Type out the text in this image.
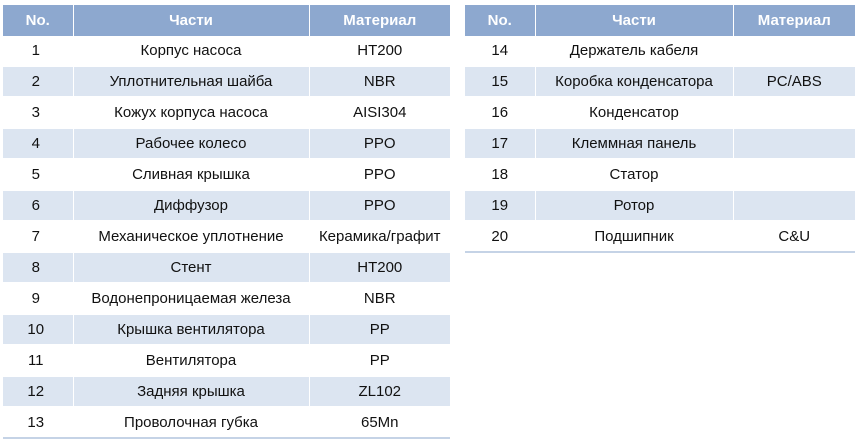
No.	Части	Материал
1	Корпус насоса	HT200
2	Уплотнительная шайба	NBR
3	Кожух корпуса насоса	AISI304
4	Рабочее колесо	PPO
5	Сливная крышка	PPO
6	Диффузор	PPO
7	Механическое уплотнение	Керамика/графит
8	Стент	HT200
9	Водонепроницаемая железа	NBR
10	Крышка вентилятора	PP
11	Вентилятора	PP
12	Задняя крышка	ZL102
13	Проволочная губка	65Mn
No.	Части	Материал
14	Держатель кабеля	
15	Коробка конденсатора	PC/ABS
16	Конденсатор	
17	Клеммная панель	
18	Статор	
19	Ротор	
20	Подшипник	C&U
